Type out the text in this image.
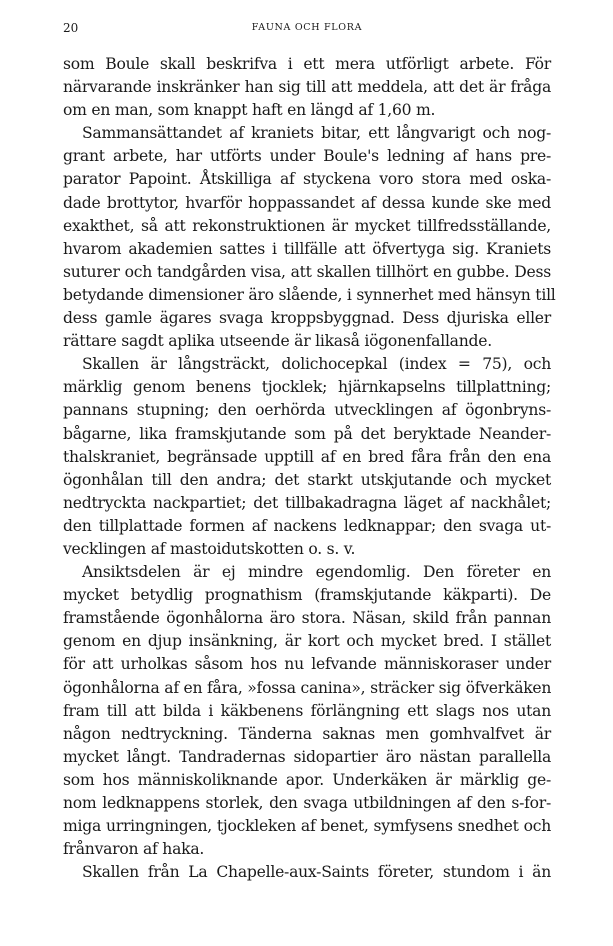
20	FAUNA OCH FLORA
som Boule skall beskrifva i ett mera utförligt arbete. För
närvarande inskränker han sig till att meddela, att det är fråga
om en man, som knappt haft en längd af 1,60 m.
Sammansättandet af kraniets bitar, ett långvarigt och nog-
grant arbete, har utförts under Boule's ledning af hans pre-
parator Papoint. Åtskilliga af styckena voro stora med oska-
dade brottytor, hvarför hoppassandet af dessa kunde ske med
exakthet, så att rekonstruktionen är mycket tillfredsställande,
hvarom akademien sattes i tillfälle att öfvertyga sig. Kraniets
suturer och tandgården visa, att skallen tillhört en gubbe. Dess
betydande dimensioner äro slående, i synnerhet med hänsyn till
dess gamle ägares svaga kroppsbyggnad. Dess djuriska eller
rättare sagdt aplika utseende är likaså iögonenfallande.
Skallen är långsträckt, dolichocepkal (index = 75), och
märklig genom benens tjocklek; hjärnkapselns tillplattning;
pannans stupning; den oerhörda utvecklingen af ögonbryns-
bågarne, lika framskjutande som på det beryktade Neander-
thalskraniet, begränsade upptill af en bred fåra från den ena
ögonhålan till den andra; det starkt utskjutande och mycket
nedtryckta nackpartiet; det tillbakadragna läget af nackhålet;
den tillplattade formen af nackens ledknappar; den svaga ut-
vecklingen af mastoidutskotten o. s. v.
Ansiktsdelen är ej mindre egendomlig. Den företer en
mycket betydlig prognathism (framskjutande käkparti). De
framstående ögonhålorna äro stora. Näsan, skild från pannan
genom en djup insänkning, är kort och mycket bred. I stället
för att urholkas såsom hos nu lefvande människoraser under
ögonhålorna af en fåra, »fossa canina», sträcker sig öfverkäken
fram till att bilda i käkbenens förlängning ett slags nos utan
någon nedtryckning. Tänderna saknas men gomhvalfvet är
mycket långt. Tandradernas sidopartier äro nästan parallella
som hos människoliknande apor. Underkäken är märklig ge-
nom ledknappens storlek, den svaga utbildningen af den s-for-
miga urringningen, tjockleken af benet, symfysens snedhet och
frånvaron af haka.
Skallen från La Chapelle-aux-Saints företer, stundom i än
